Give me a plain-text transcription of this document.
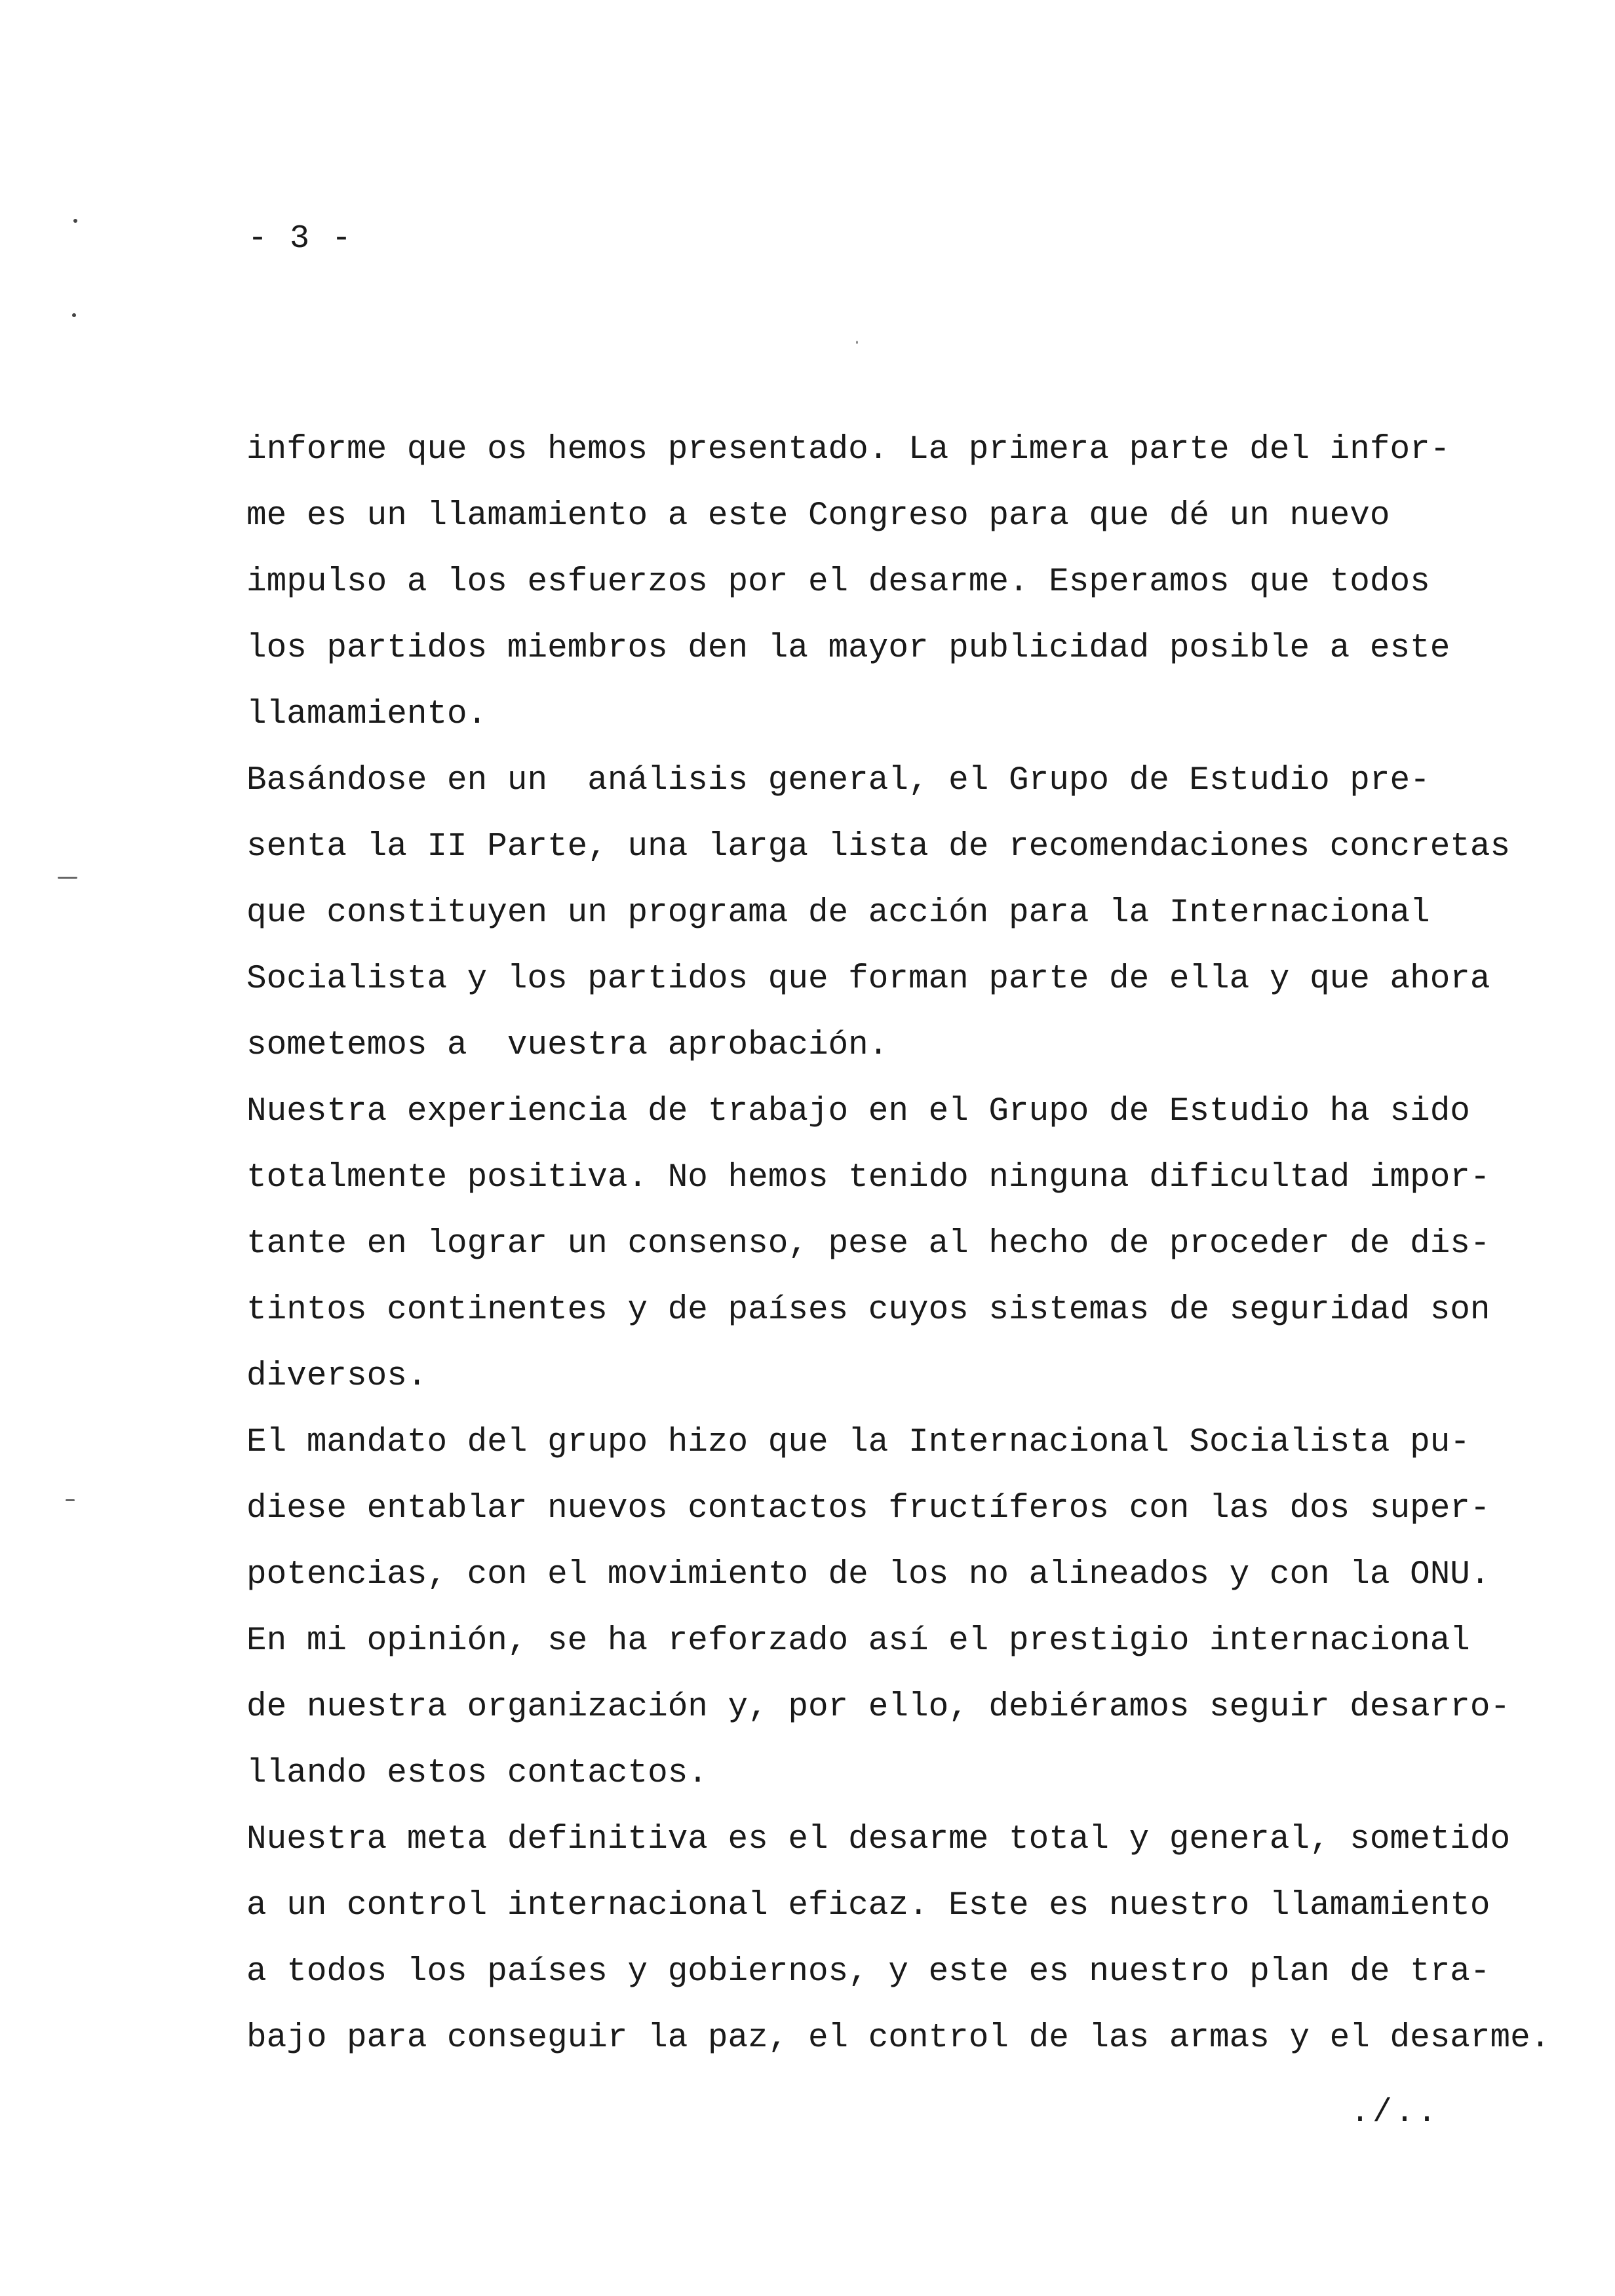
- 3 -
informe que os hemos presentado. La primera parte del infor-
me es un llamamiento a este Congreso para que dé un nuevo
impulso a los esfuerzos por el desarme. Esperamos que todos
los partidos miembros den la mayor publicidad posible a este
llamamiento.
Basándose en un  análisis general, el Grupo de Estudio pre-
senta la II Parte, una larga lista de recomendaciones concretas
que constituyen un programa de acción para la Internacional
Socialista y los partidos que forman parte de ella y que ahora
sometemos a  vuestra aprobación.
Nuestra experiencia de trabajo en el Grupo de Estudio ha sido
totalmente positiva. No hemos tenido ninguna dificultad impor-
tante en lograr un consenso, pese al hecho de proceder de dis-
tintos continentes y de países cuyos sistemas de seguridad son
diversos.
El mandato del grupo hizo que la Internacional Socialista pu-
diese entablar nuevos contactos fructíferos con las dos super-
potencias, con el movimiento de los no alineados y con la ONU.
En mi opinión, se ha reforzado así el prestigio internacional
de nuestra organización y, por ello, debiéramos seguir desarro-
llando estos contactos.
Nuestra meta definitiva es el desarme total y general, sometido
a un control internacional eficaz. Este es nuestro llamamiento
a todos los países y gobiernos, y este es nuestro plan de tra-
bajo para conseguir la paz, el control de las armas y el desarme.
./..
